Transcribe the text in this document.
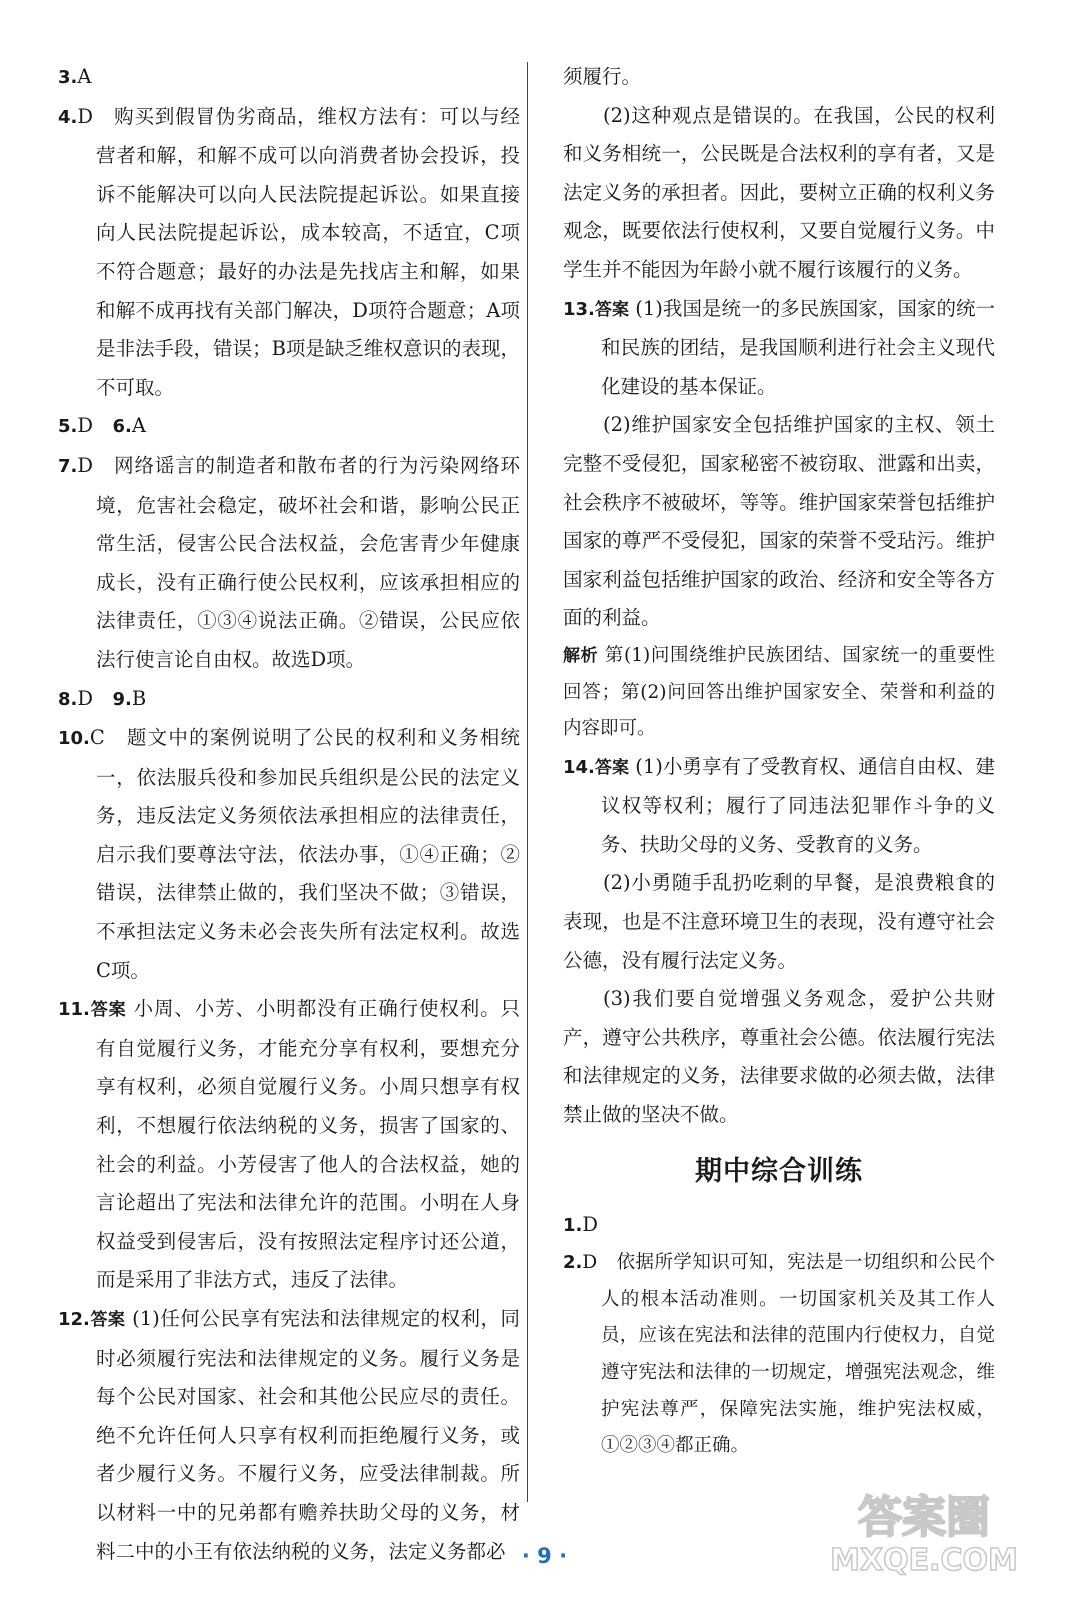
3.A

4.D　购买到假冒伪劣商品，维权方法有：可以与经营者和解，和解不成可以向消费者协会投诉，投诉不能解决可以向人民法院提起诉讼。如果直接向人民法院提起诉讼，成本较高，不适宜，C项不符合题意；最好的办法是先找店主和解，如果和解不成再找有关部门解决，D项符合题意；A项是非法手段，错误；B项是缺乏维权意识的表现，不可取。

5.D　6.A

7.D　网络谣言的制造者和散布者的行为污染网络环境，危害社会稳定，破坏社会和谐，影响公民正常生活，侵害公民合法权益，会危害青少年健康成长，没有正确行使公民权利，应该承担相应的法律责任，①③④说法正确。②错误，公民应依法行使言论自由权。故选D项。

8.D　9.B

10.C　题文中的案例说明了公民的权利和义务相统一，依法服兵役和参加民兵组织是公民的法定义务，违反法定义务须依法承担相应的法律责任，启示我们要尊法守法，依法办事，①④正确；②错误，法律禁止做的，我们坚决不做；③错误，不承担法定义务未必会丧失所有法定权利。故选C项。

11.答案 小周、小芳、小明都没有正确行使权利。只有自觉履行义务，才能充分享有权利，要想充分享有权利，必须自觉履行义务。小周只想享有权利，不想履行依法纳税的义务，损害了国家的、社会的利益。小芳侵害了他人的合法权益，她的言论超出了宪法和法律允许的范围。小明在人身权益受到侵害后，没有按照法定程序讨还公道，而是采用了非法方式，违反了法律。

12.答案 (1)任何公民享有宪法和法律规定的权利，同时必须履行宪法和法律规定的义务。履行义务是每个公民对国家、社会和其他公民应尽的责任。绝不允许任何人只享有权利而拒绝履行义务，或者少履行义务。不履行义务，应受法律制裁。所以材料一中的兄弟都有赡养扶助父母的义务，材料二中的小王有依法纳税的义务，法定义务都必

须履行。

(2)这种观点是错误的。在我国，公民的权利和义务相统一，公民既是合法权利的享有者，又是法定义务的承担者。因此，要树立正确的权利义务观念，既要依法行使权利，又要自觉履行义务。中学生并不能因为年龄小就不履行该履行的义务。

13.答案 (1)我国是统一的多民族国家，国家的统一和民族的团结，是我国顺利进行社会主义现代化建设的基本保证。

(2)维护国家安全包括维护国家的主权、领土完整不受侵犯，国家秘密不被窃取、泄露和出卖，社会秩序不被破坏，等等。维护国家荣誉包括维护国家的尊严不受侵犯，国家的荣誉不受玷污。维护国家利益包括维护国家的政治、经济和安全等各方面的利益。

解析 第(1)问围绕维护民族团结、国家统一的重要性回答；第(2)问回答出维护国家安全、荣誉和利益的内容即可。

14.答案 (1)小勇享有了受教育权、通信自由权、建议权等权利；履行了同违法犯罪作斗争的义务、扶助父母的义务、受教育的义务。

(2)小勇随手乱扔吃剩的早餐，是浪费粮食的表现，也是不注意环境卫生的表现，没有遵守社会公德，没有履行法定义务。

(3)我们要自觉增强义务观念，爱护公共财产，遵守公共秩序，尊重社会公德。依法履行宪法和法律规定的义务，法律要求做的必须去做，法律禁止做的坚决不做。

期中综合训练

1.D

2.D　依据所学知识可知，宪法是一切组织和公民个人的根本活动准则。一切国家机关及其工作人员，应该在宪法和法律的范围内行使权力，自觉遵守宪法和法律的一切规定，增强宪法观念，维护宪法尊严，保障宪法实施，维护宪法权威，①②③④都正确。

· 9 ·
答案圈
MXQE.COM
